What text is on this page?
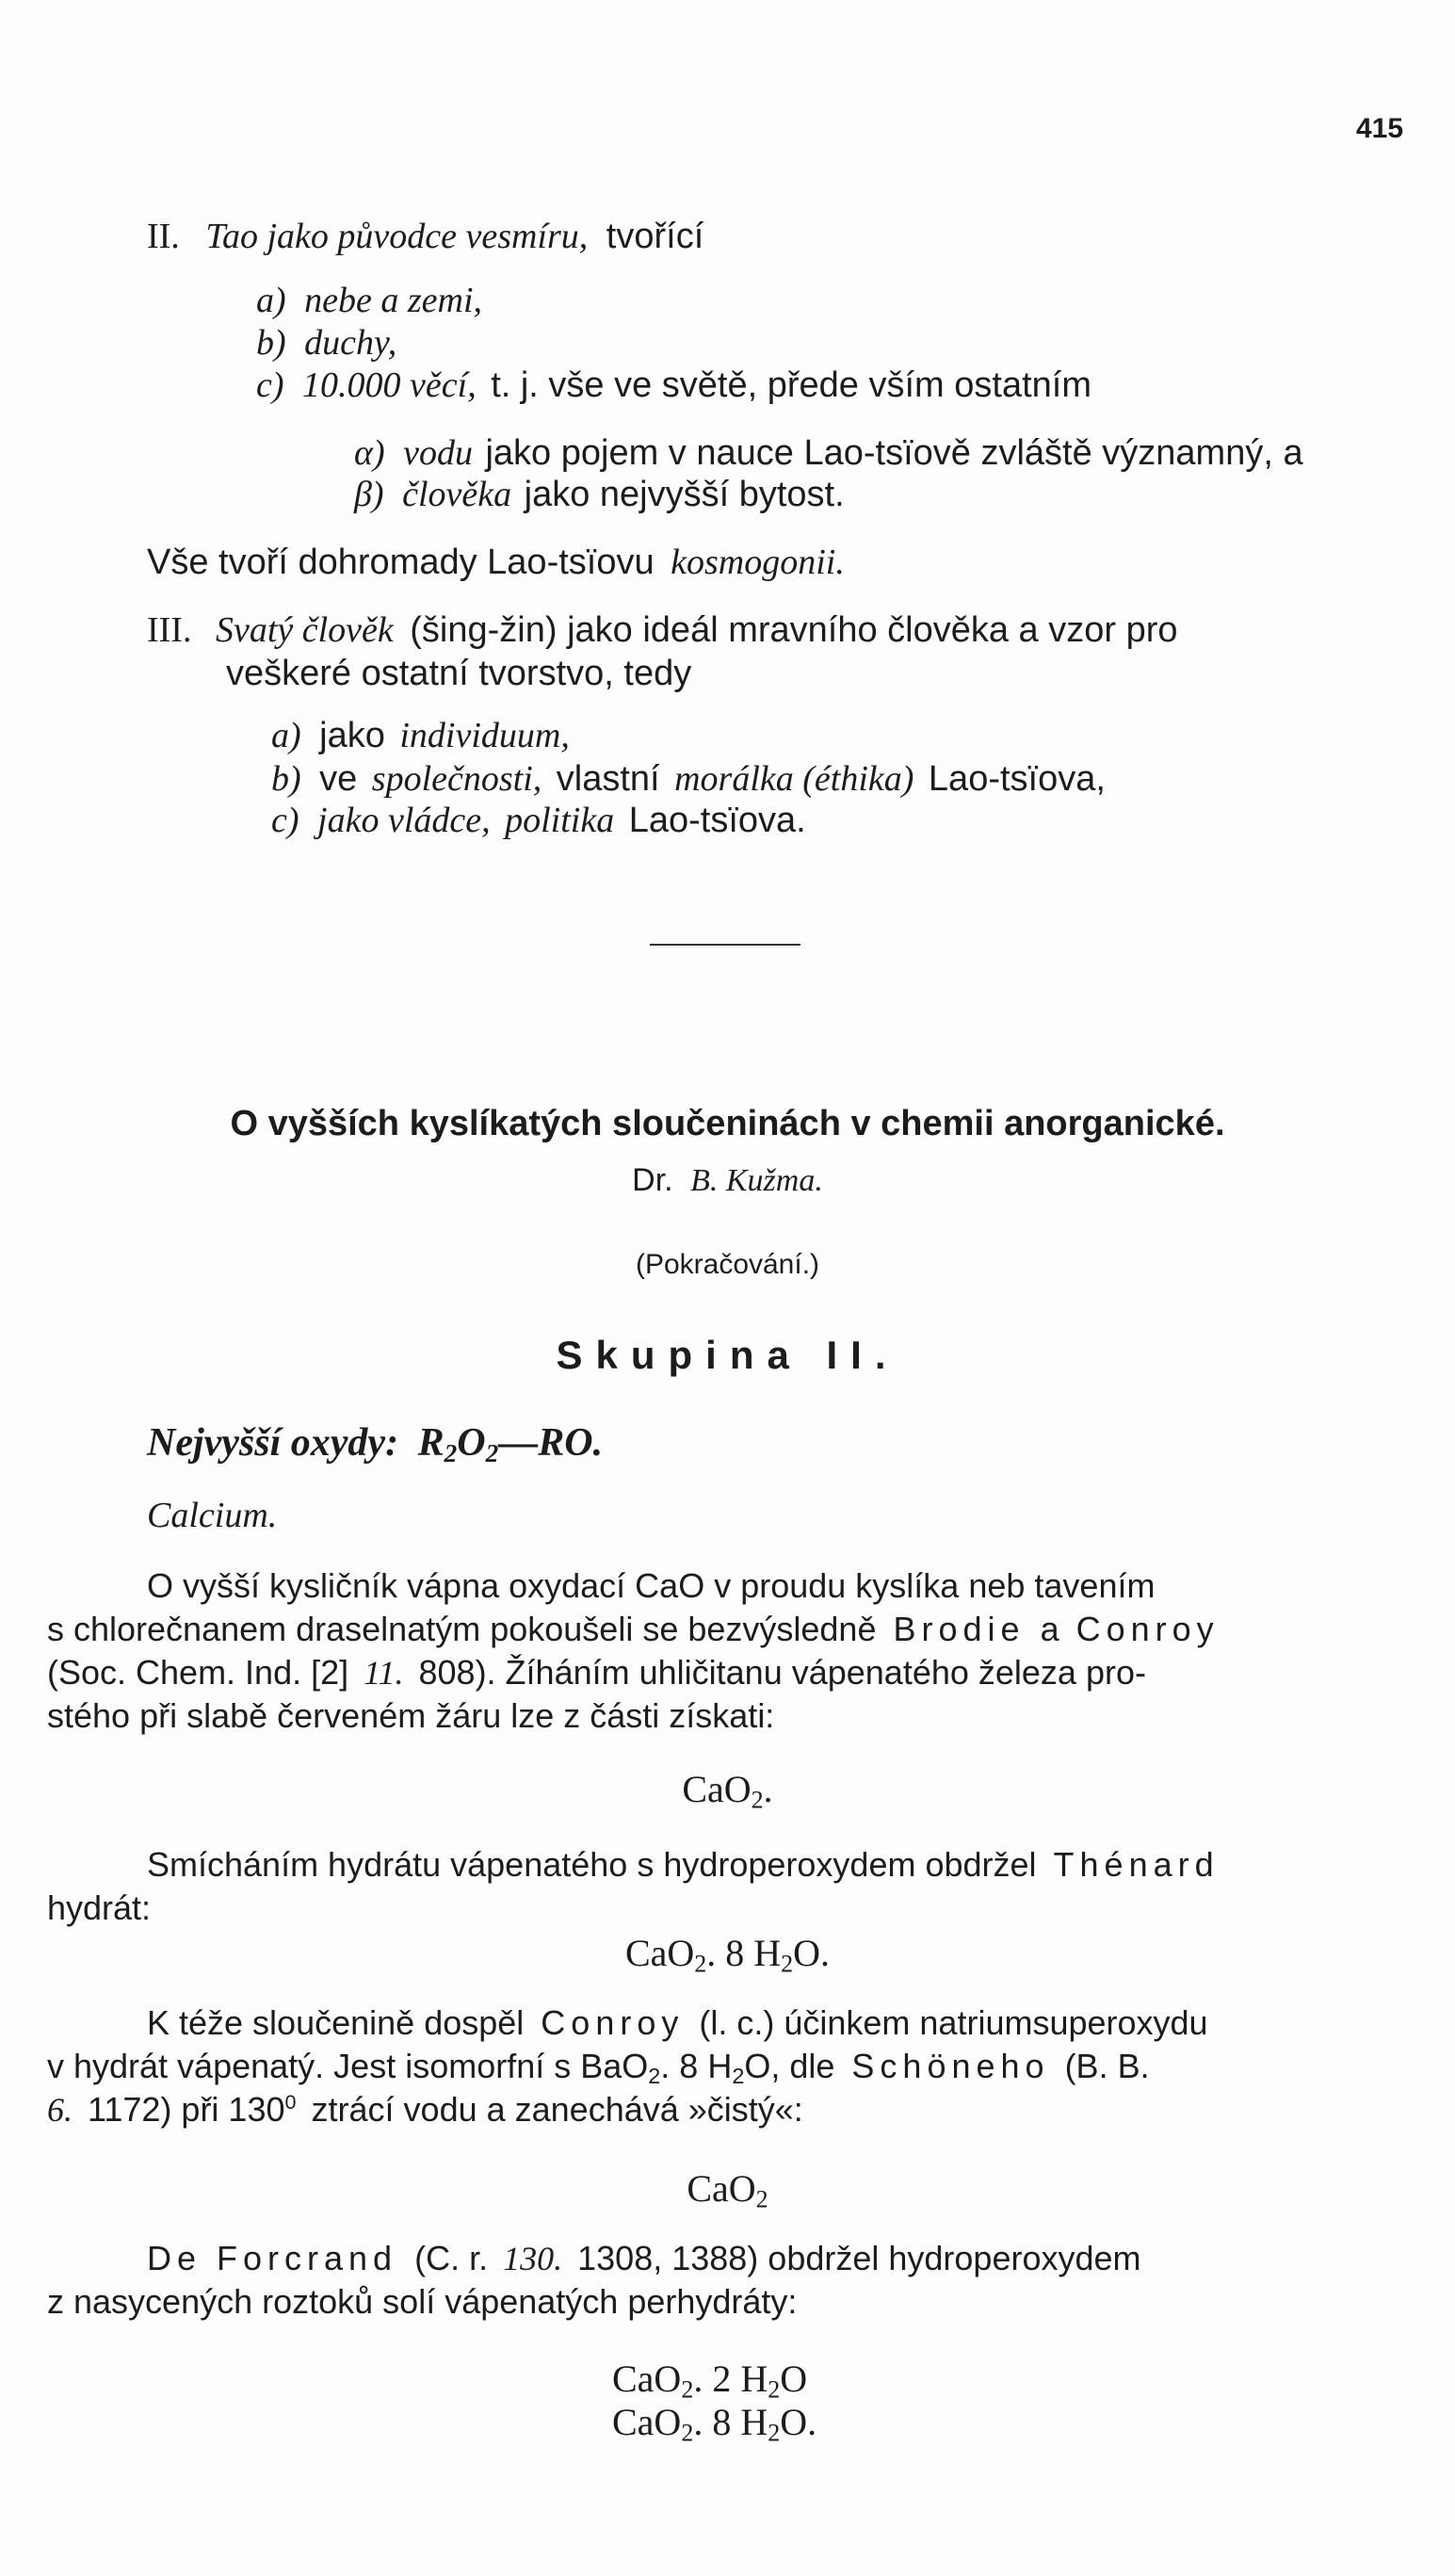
415
II. Tao jako původce vesmíru, tvořící
a) nebe a zemi,
b) duchy,
c) 10.000 věcí, t. j. vše ve světě, přede vším ostatním
α) vodu jako pojem v nauce Lao-tsïově zvláště významný, a
β) člověka jako nejvyšší bytost.
Vše tvoří dohromady Lao-tsïovu kosmogonii.
III. Svatý člověk (šing-žin) jako ideál mravního člověka a vzor pro
veškeré ostatní tvorstvo, tedy
a) jako individuum,
b) ve společnosti, vlastní morálka (éthika) Lao-tsïova,
c) jako vládce, politika Lao-tsïova.
O vyšších kyslíkatých sloučeninách v chemii anorganické.
Dr. B. Kužma.
(Pokračování.)
Skupina II.
Nejvyšší oxydy: $R_2O_2—RO$.
Calcium.
O vyšší kysličník vápna oxydací CaO v proudu kyslíka neb tavením
s chlorečnanem draselnatým pokoušeli se bezvýsledně Brodie a Conroy
(Soc. Chem. Ind. [2] 11. 808). Žíháním uhličitanu vápenatého železa pro-
stého při slabě červeném žáru lze z části získati:
CaO$_2$.
Smícháním hydrátu vápenatého s hydroperoxydem obdržel Thénard
hydrát:
CaO$_2$. 8 $H_2O$.
K téže sloučenině dospěl Conroy (l. c.) účinkem natriumsuperoxydu
v hydrát vápenatý. Jest isomorfní s BaO$_2$. 8 $H_2O$, dle Schöneho (B. B.
6. 1172) při $130^0$ ztrácí vodu a zanechává »čistý«:
CaO$_2$
De Forcrand (C. r. 130. 1308, 1388) obdržel hydroperoxydem
z nasycených roztoků solí vápenatých perhydráty:
CaO$_2$. 2 $H_2O$
CaO$_2$. 8 $H_2O$.
